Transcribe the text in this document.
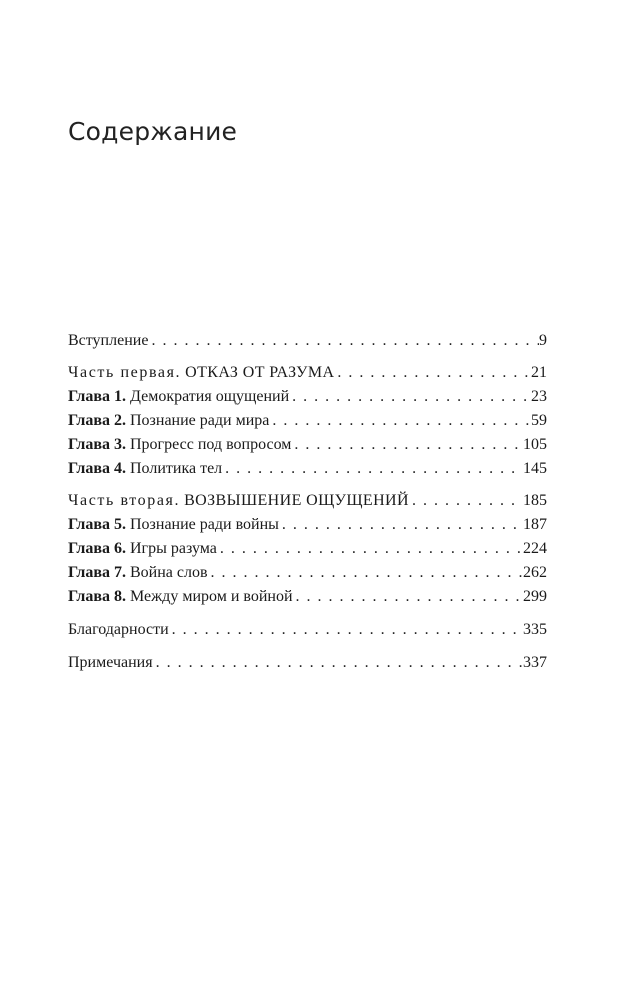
Содержание
Вступление . . .	9
Часть первая. ОТКАЗ ОТ РАЗУМА . . .	21
Глава 1. Демократия ощущений . . .	23
Глава 2. Познание ради мира . . .	59
Глава 3. Прогресс под вопросом . . .	105
Глава 4. Политика тел . . .	145
Часть вторая. ВОЗВЫШЕНИЕ ОЩУЩЕНИЙ . . .	185
Глава 5. Познание ради войны . . .	187
Глава 6. Игры разума . . .	224
Глава 7. Война слов . . .	262
Глава 8. Между миром и войной . . .	299
Благодарности . . .	335
Примечания . . .	337
